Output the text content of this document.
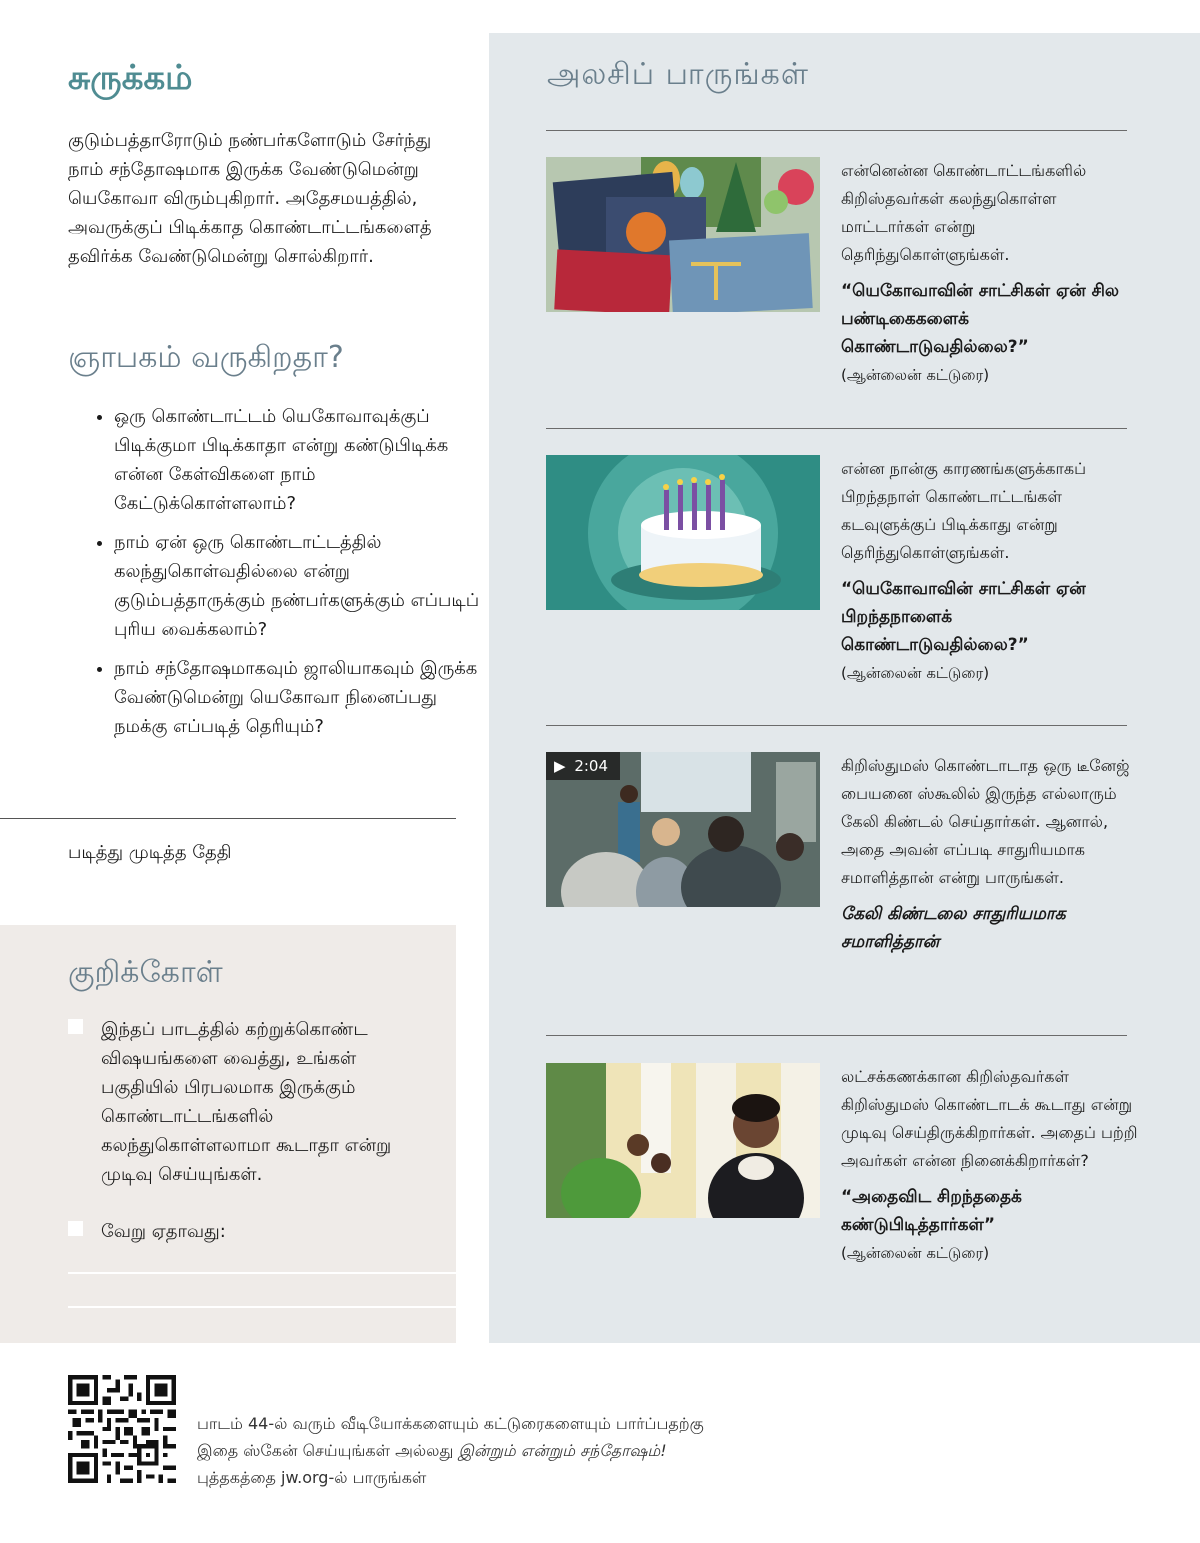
சுருக்கம்

குடும்பத்தாரோடும் நண்பர்களோடும் சேர்ந்து நாம் சந்தோஷமாக இருக்க வேண்டுமென்று யெகோவா விரும்புகிறார். அதேசமயத்தில், அவருக்குப் பிடிக்காத கொண்டாட்டங்களைத் தவிர்க்க வேண்டுமென்று சொல்கிறார்.

ஞாபகம் வருகிறதா?
• ஒரு கொண்டாட்டம் யெகோவாவுக்குப் பிடிக்குமா பிடிக்காதா என்று கண்டுபிடிக்க என்ன கேள்விகளை நாம் கேட்டுக்கொள்ளலாம்?
• நாம் ஏன் ஒரு கொண்டாட்டத்தில் கலந்துகொள்வதில்லை என்று குடும்பத்தாருக்கும் நண்பர்களுக்கும் எப்படிப் புரிய வைக்கலாம்?
• நாம் சந்தோஷமாகவும் ஜாலியாகவும் இருக்க வேண்டுமென்று யெகோவா நினைப்பது நமக்கு எப்படித் தெரியும்?
படித்து முடித்த தேதி
குறிக்கோள்
இந்தப் பாடத்தில் கற்றுக்கொண்ட விஷயங்களை வைத்து, உங்கள் பகுதியில் பிரபலமாக இருக்கும் கொண்டாட்டங்களில் கலந்துகொள்ளலாமா கூடாதா என்று முடிவு செய்யுங்கள்.
வேறு ஏதாவது:
அலசிப் பாருங்கள்

என்னென்ன கொண்டாட்டங்களில் கிறிஸ்தவர்கள் கலந்துகொள்ள மாட்டார்கள் என்று தெரிந்துகொள்ளுங்கள்.

“யெகோவாவின் சாட்சிகள் ஏன் சில பண்டிகைகளைக் கொண்டாடுவதில்லை?”

(ஆன்லைன் கட்டுரை)

என்ன நான்கு காரணங்களுக்காகப் பிறந்தநாள் கொண்டாட்டங்கள் கடவுளுக்குப் பிடிக்காது என்று தெரிந்துகொள்ளுங்கள்.

“யெகோவாவின் சாட்சிகள் ஏன் பிறந்தநாளைக் கொண்டாடுவதில்லை?”

(ஆன்லைன் கட்டுரை)

▶ 2:04	கிறிஸ்துமஸ் கொண்டாடாத ஒரு டீனேஜ் பையனை ஸ்கூலில் இருந்த எல்லாரும் கேலி கிண்டல் செய்தார்கள். ஆனால், அதை அவன் எப்படி சாதுரியமாக சமாளித்தான் என்று பாருங்கள்.

கேலி கிண்டலை சாதுரியமாக சமாளித்தான்

லட்சக்கணக்கான கிறிஸ்தவர்கள் கிறிஸ்துமஸ் கொண்டாடக் கூடாது என்று முடிவு செய்திருக்கிறார்கள். அதைப் பற்றி அவர்கள் என்ன நினைக்கிறார்கள்?

“அதைவிட சிறந்ததைக் கண்டுபிடித்தார்கள்”

(ஆன்லைன் கட்டுரை)

பாடம் 44-ல் வரும் வீடியோக்களையும் கட்டுரைகளையும் பார்ப்பதற்கு இதை ஸ்கேன் செய்யுங்கள் அல்லது இன்றும் என்றும் சந்தோஷம்! புத்தகத்தை jw.org-ல் பாருங்கள்
